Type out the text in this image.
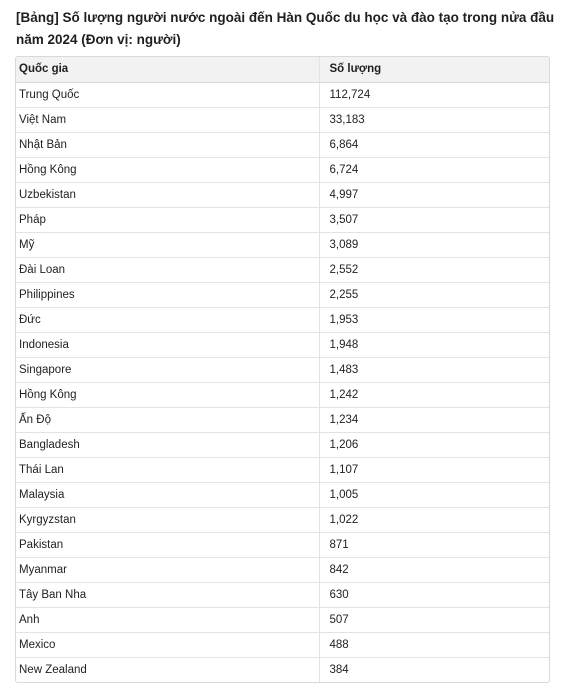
[Bảng] Số lượng người nước ngoài đến Hàn Quốc du học và đào tạo trong nửa đầu năm 2024 (Đơn vị: người)
Quốc gia	Số lượng
Trung Quốc	112,724
Việt Nam	33,183
Nhật Bản	6,864
Hồng Kông	6,724
Uzbekistan	4,997
Pháp	3,507
Mỹ	3,089
Đài Loan	2,552
Philippines	2,255
Đức	1,953
Indonesia	1,948
Singapore	1,483
Hồng Kông	1,242
Ấn Độ	1,234
Bangladesh	1,206
Thái Lan	1,107
Malaysia	1,005
Kyrgyzstan	1,022
Pakistan	871
Myanmar	842
Tây Ban Nha	630
Anh	507
Mexico	488
New Zealand	384
